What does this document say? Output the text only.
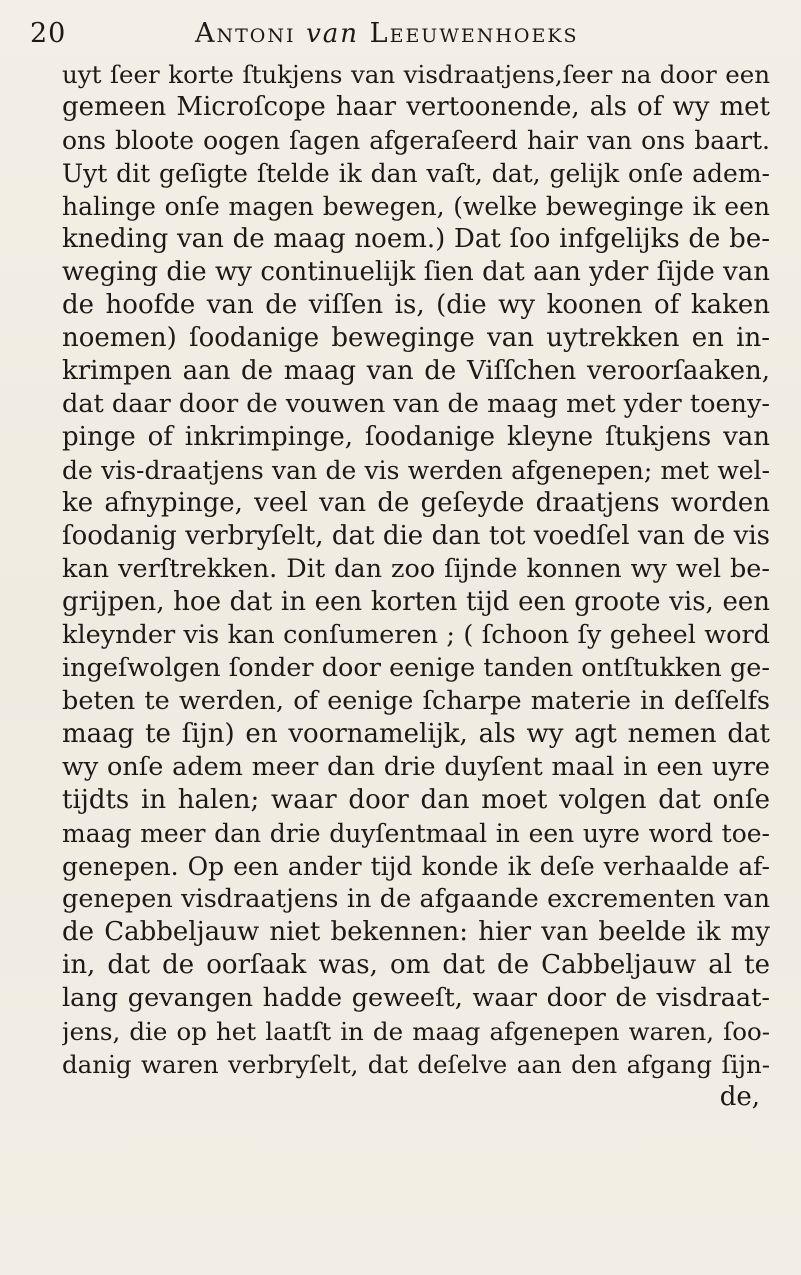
20	Antoni van Leeuwenhoeks
uyt ſeer korte ſtukjens van visdraatjens,ſeer na door een
gemeen Microſcope haar vertoonende, als of wy met
ons bloote oogen ſagen afgeraſeerd hair van ons baart.
Uyt dit geſigte ſtelde ik dan vaſt, dat, gelijk onſe adem-
halinge onſe magen bewegen, (welke beweginge ik een
kneding van de maag noem.) Dat ſoo infgelijks de be-
weging die wy continuelijk ſien dat aan yder ſijde van
de hoofde van de viſſen is, (die wy koonen of kaken
noemen) ſoodanige beweginge van uytrekken en in-
krimpen aan de maag van de Viſſchen veroorſaaken,
dat daar door de vouwen van de maag met yder toeny-
pinge of inkrimpinge, ſoodanige kleyne ſtukjens van
de vis-draatjens van de vis werden afgenepen; met wel-
ke afnypinge, veel van de geſeyde draatjens worden
ſoodanig verbryſelt, dat die dan tot voedſel van de vis
kan verſtrekken. Dit dan zoo ſijnde konnen wy wel be-
grijpen, hoe dat in een korten tijd een groote vis, een
kleynder vis kan conſumeren ; ( ſchoon ſy geheel word
ingeſwolgen ſonder door eenige tanden ontſtukken ge-
beten te werden, of eenige ſcharpe materie in deſſelfs
maag te ſijn) en voornamelijk, als wy agt nemen dat
wy onſe adem meer dan drie duyſent maal in een uyre
tijdts in halen; waar door dan moet volgen dat onſe
maag meer dan drie duyſentmaal in een uyre word toe-
genepen. Op een ander tijd konde ik deſe verhaalde af-
genepen visdraatjens in de afgaande excrementen van
de Cabbeljauw niet bekennen: hier van beelde ik my
in, dat de oorſaak was, om dat de Cabbeljauw al te
lang gevangen hadde geweeſt, waar door de visdraat-
jens, die op het laatſt in de maag afgenepen waren, ſoo-
danig waren verbryſelt, dat deſelve aan den afgang ſijn-
de,
